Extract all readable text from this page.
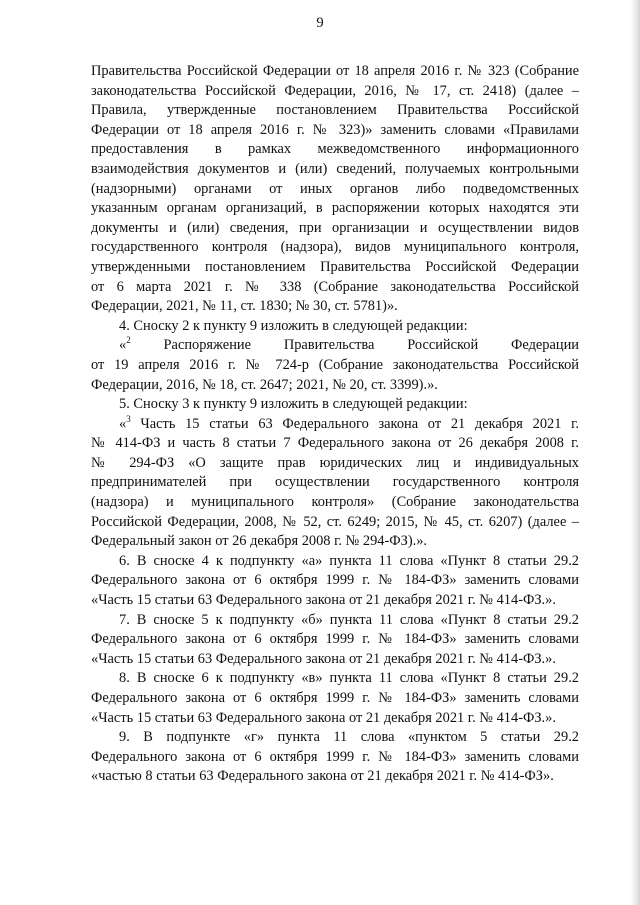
9
Правительства Российской Федерации от 18 апреля 2016 г. № 323 (Собрание
законодательства Российской Федерации, 2016, № 17, ст. 2418) (далее –
Правила, утвержденные постановлением Правительства Российской
Федерации от 18 апреля 2016 г. № 323)» заменить словами «Правилами
предоставления в рамках межведомственного информационного
взаимодействия документов и (или) сведений, получаемых контрольными
(надзорными) органами от иных органов либо подведомственных
указанным органам организаций, в распоряжении которых находятся эти
документы и (или) сведения, при организации и осуществлении видов
государственного контроля (надзора), видов муниципального контроля,
утвержденными постановлением Правительства Российской Федерации
от 6 марта 2021 г. № 338 (Собрание законодательства Российской
Федерации, 2021, № 11, ст. 1830; № 30, ст. 5781)».
4. Сноску 2 к пункту 9 изложить в следующей редакции:
«$^2$ Распоряжение Правительства Российской Федерации
от 19 апреля 2016 г. № 724-р (Собрание законодательства Российской
Федерации, 2016, № 18, ст. 2647; 2021, № 20, ст. 3399).».
5. Сноску 3 к пункту 9 изложить в следующей редакции:
«$^3$ Часть 15 статьи 63 Федерального закона от 21 декабря 2021 г.
№ 414-ФЗ и часть 8 статьи 7 Федерального закона от 26 декабря 2008 г.
№ 294-ФЗ «О защите прав юридических лиц и индивидуальных
предпринимателей при осуществлении государственного контроля
(надзора) и муниципального контроля» (Собрание законодательства
Российской Федерации, 2008, № 52, ст. 6249; 2015, № 45, ст. 6207) (далее –
Федеральный закон от 26 декабря 2008 г. № 294-ФЗ).».
6. В сноске 4 к подпункту «а» пункта 11 слова «Пункт 8 статьи 29.2
Федерального закона от 6 октября 1999 г. № 184-ФЗ» заменить словами
«Часть 15 статьи 63 Федерального закона от 21 декабря 2021 г. № 414-ФЗ.».
7. В сноске 5 к подпункту «б» пункта 11 слова «Пункт 8 статьи 29.2
Федерального закона от 6 октября 1999 г. № 184-ФЗ» заменить словами
«Часть 15 статьи 63 Федерального закона от 21 декабря 2021 г. № 414-ФЗ.».
8. В сноске 6 к подпункту «в» пункта 11 слова «Пункт 8 статьи 29.2
Федерального закона от 6 октября 1999 г. № 184-ФЗ» заменить словами
«Часть 15 статьи 63 Федерального закона от 21 декабря 2021 г. № 414-ФЗ.».
9. В подпункте «г» пункта 11 слова «пунктом 5 статьи 29.2
Федерального закона от 6 октября 1999 г. № 184-ФЗ» заменить словами
«частью 8 статьи 63 Федерального закона от 21 декабря 2021 г. № 414-ФЗ».
